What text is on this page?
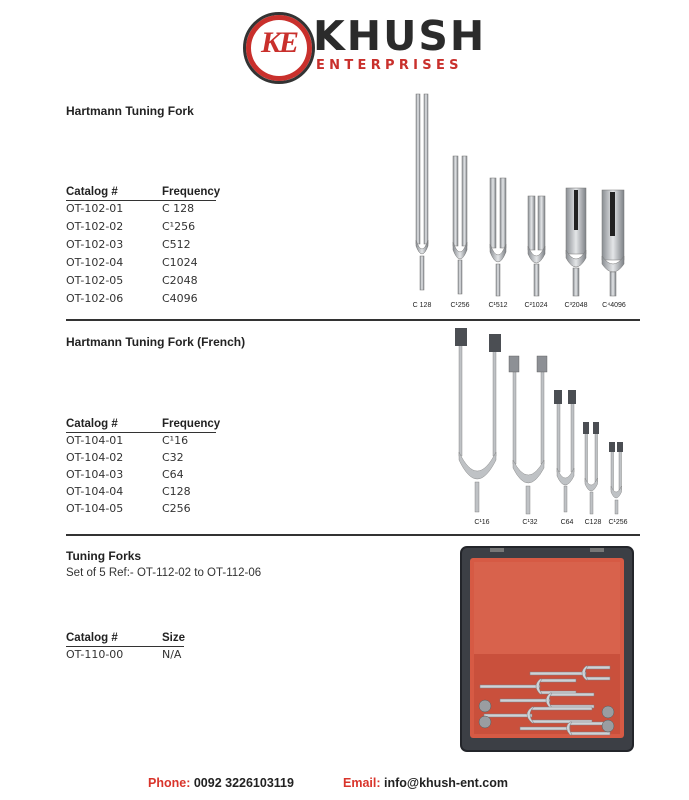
KE KHUSH
ENTERPRISES
Hartmann Tuning Fork
Catalog #	Frequency
OT-102-01	C 128
OT-102-02	C¹256
OT-102-03	C512
OT-102-04	C1024
OT-102-05	C2048
OT-102-06	C4096
C 128	C¹256	C¹512	C²1024	C³2048	C⁴4096
Hartmann Tuning Fork (French)
Catalog #	Frequency
OT-104-01	C¹16
OT-104-02	C32
OT-104-03	C64
OT-104-04	C128
OT-104-05	C256
C¹16	C¹32	C64	C128	C¹256
Tuning Forks
Set of 5 Ref:- OT-112-02 to OT-112-06
Catalog #	Size
OT-110-00	N/A
Phone: 0092 3226103119	Email: info@khush-ent.com
